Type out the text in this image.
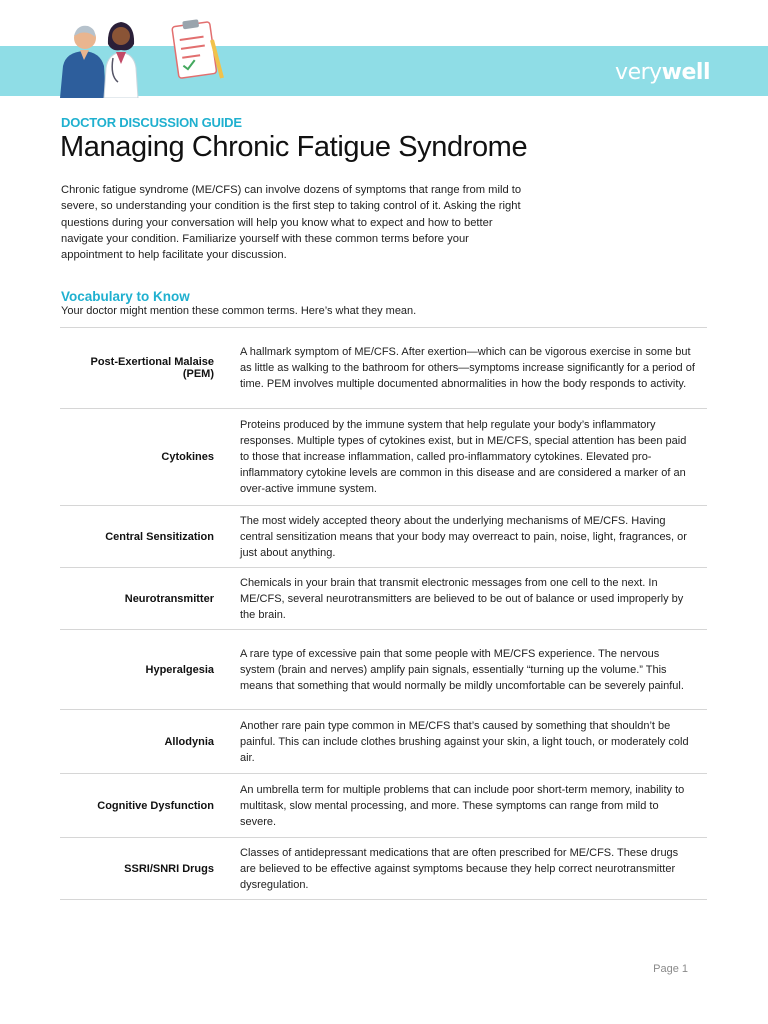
verywell
DOCTOR DISCUSSION GUIDE
Managing Chronic Fatigue Syndrome
Chronic fatigue syndrome (ME/CFS) can involve dozens of symptoms that range from mild to severe, so understanding your condition is the first step to taking control of it. Asking the right questions during your conversation will help you know what to expect and how to better navigate your condition. Familiarize yourself with these common terms before your appointment to help facilitate your discussion.
Vocabulary to Know
Your doctor might mention these common terms. Here’s what they mean.
Post-Exertional Malaise (PEM)
A hallmark symptom of ME/CFS. After exertion—which can be vigorous exercise in some but as little as walking to the bathroom for others—symptoms increase significantly for a period of time. PEM involves multiple documented abnormalities in how the body responds to activity.
Cytokines
Proteins produced by the immune system that help regulate your body’s inflammatory responses. Multiple types of cytokines exist, but in ME/CFS, special attention has been paid to those that increase inflammation, called pro-inflammatory cytokines. Elevated pro-inflammatory cytokine levels are common in this disease and are considered a marker of an over-active immune system.
Central Sensitization
The most widely accepted theory about the underlying mechanisms of ME/CFS. Having central sensitization means that your body may overreact to pain, noise, light, fragrances, or just about anything.
Neurotransmitter
Chemicals in your brain that transmit electronic messages from one cell to the next. In ME/CFS, several neurotransmitters are believed to be out of balance or used improperly by the brain.
Hyperalgesia
A rare type of excessive pain that some people with ME/CFS experience. The nervous system (brain and nerves) amplify pain signals, essentially “turning up the volume.” This means that something that would normally be mildly uncomfortable can be severely painful.
Allodynia
Another rare pain type common in ME/CFS that’s caused by something that shouldn’t be painful. This can include clothes brushing against your skin, a light touch, or moderately cold air.
Cognitive Dysfunction
An umbrella term for multiple problems that can include poor short-term memory, inability to multitask, slow mental processing, and more. These symptoms can range from mild to severe.
SSRI/SNRI Drugs
Classes of antidepressant medications that are often prescribed for ME/CFS. These drugs are believed to be effective against symptoms because they help correct neurotransmitter dysregulation.
Page 1
